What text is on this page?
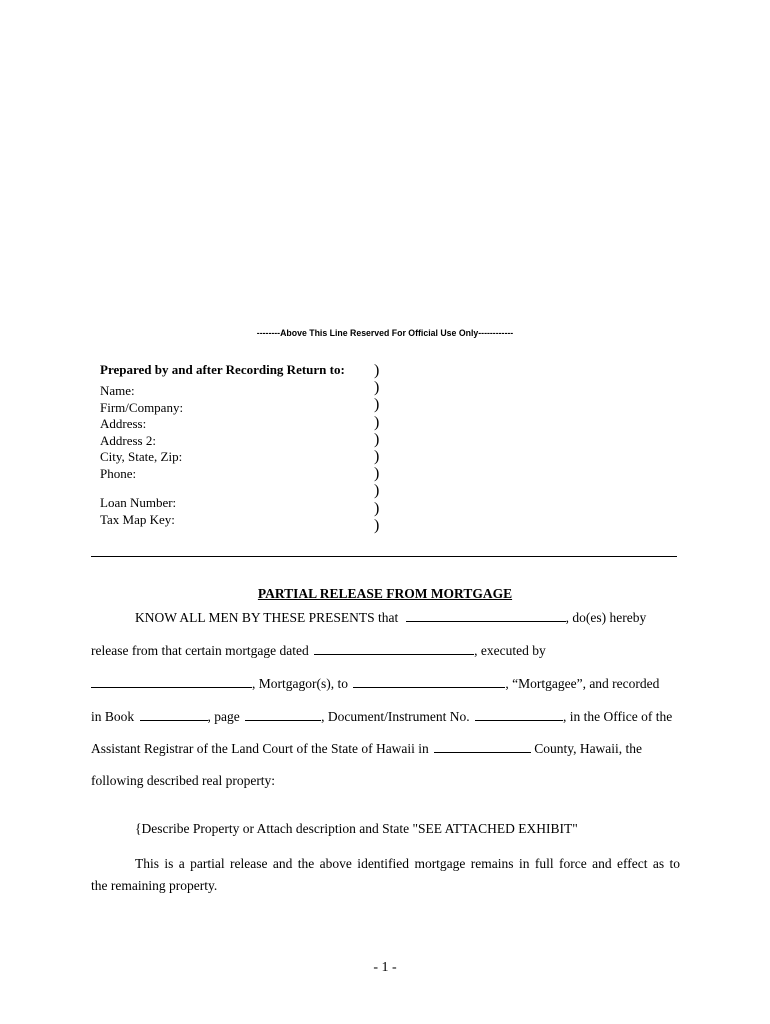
--------Above This Line Reserved For Official Use Only------------
Prepared by and after Recording Return to:
Name:
Firm/Company:
Address:
Address 2:
City, State, Zip:
Phone:
Loan Number:
Tax Map Key:
)
)
)
)
)
)
)
)
)
)
PARTIAL RELEASE FROM MORTGAGE
KNOW ALL MEN BY THESE PRESENTS that	, do(es) hereby
release from that certain mortgage dated	, executed by
, Mortgagor(s), to	, “Mortgagee”, and recorded
in Book	, page	, Document/Instrument No.	, in the Office of the
Assistant Registrar of the Land Court of the State of Hawaii in	County, Hawaii, the
following described real property:
{Describe Property or Attach description and State "SEE ATTACHED EXHIBIT"
This is a partial release and the above identified mortgage remains in full force and effect as to
the remaining property.
- 1 -
